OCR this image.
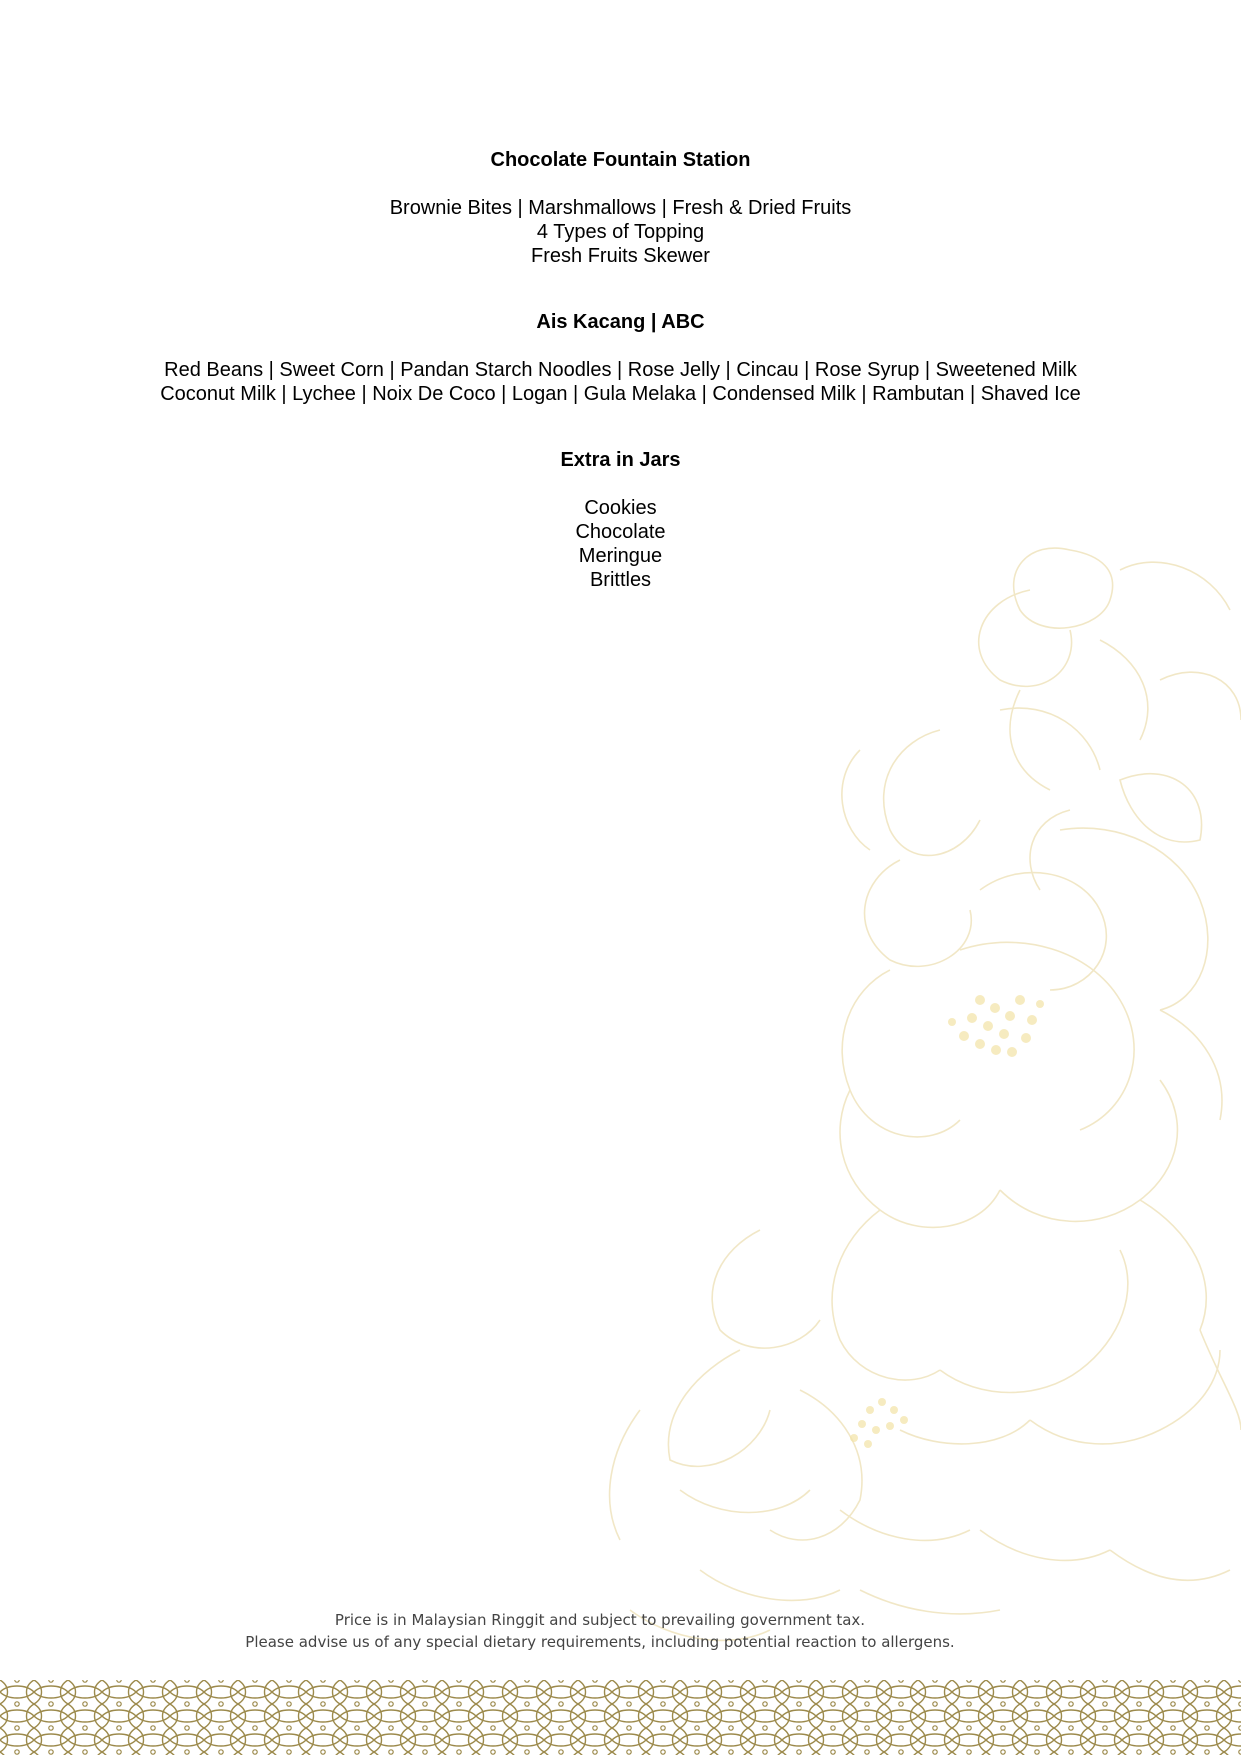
Chocolate Fountain Station
Brownie Bites | Marshmallows | Fresh & Dried Fruits
4 Types of Topping
Fresh Fruits Skewer
Ais Kacang | ABC
Red Beans | Sweet Corn | Pandan Starch Noodles | Rose Jelly | Cincau | Rose Syrup | Sweetened Milk Coconut Milk | Lychee | Noix De Coco | Logan | Gula Melaka | Condensed Milk | Rambutan | Shaved Ice
Extra in Jars
Cookies
Chocolate
Meringue
Brittles
Price is in Malaysian Ringgit and subject to prevailing government tax.
Please advise us of any special dietary requirements, including potential reaction to allergens.
